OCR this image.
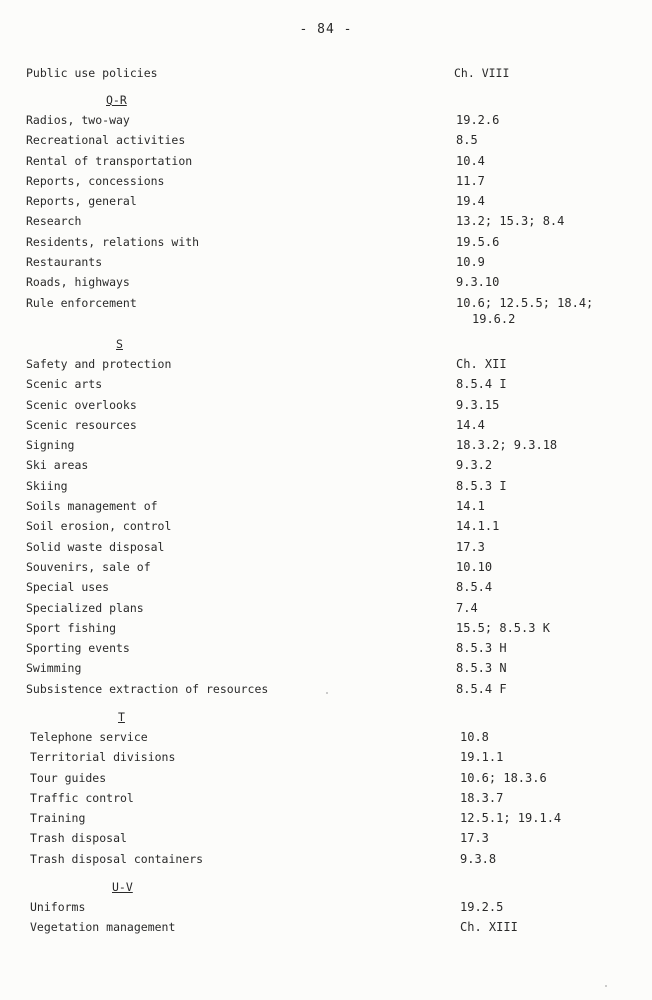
- 84 -
Public use policies	Ch. VIII
Q-R
Radios, two-way	19.2.6
Recreational activities	8.5
Rental of transportation	10.4
Reports, concessions	11.7
Reports, general	19.4
Research	13.2; 15.3; 8.4
Residents, relations with	19.5.6
Restaurants	10.9
Roads, highways	9.3.10
Rule enforcement	10.6; 12.5.5; 18.4;
19.6.2
S
Safety and protection	Ch. XII
Scenic arts	8.5.4 I
Scenic overlooks	9.3.15
Scenic resources	14.4
Signing	18.3.2; 9.3.18
Ski areas	9.3.2
Skiing	8.5.3 I
Soils management of	14.1
Soil erosion, control	14.1.1
Solid waste disposal	17.3
Souvenirs, sale of	10.10
Special uses	8.5.4
Specialized plans	7.4
Sport fishing	15.5; 8.5.3 K
Sporting events	8.5.3 H
Swimming	8.5.3 N
Subsistence extraction of resources	8.5.4 F
T
Telephone service	10.8
Territorial divisions	19.1.1
Tour guides	10.6; 18.3.6
Traffic control	18.3.7
Training	12.5.1; 19.1.4
Trash disposal	17.3
Trash disposal containers	9.3.8
U-V
Uniforms	19.2.5
Vegetation management	Ch. XIII
